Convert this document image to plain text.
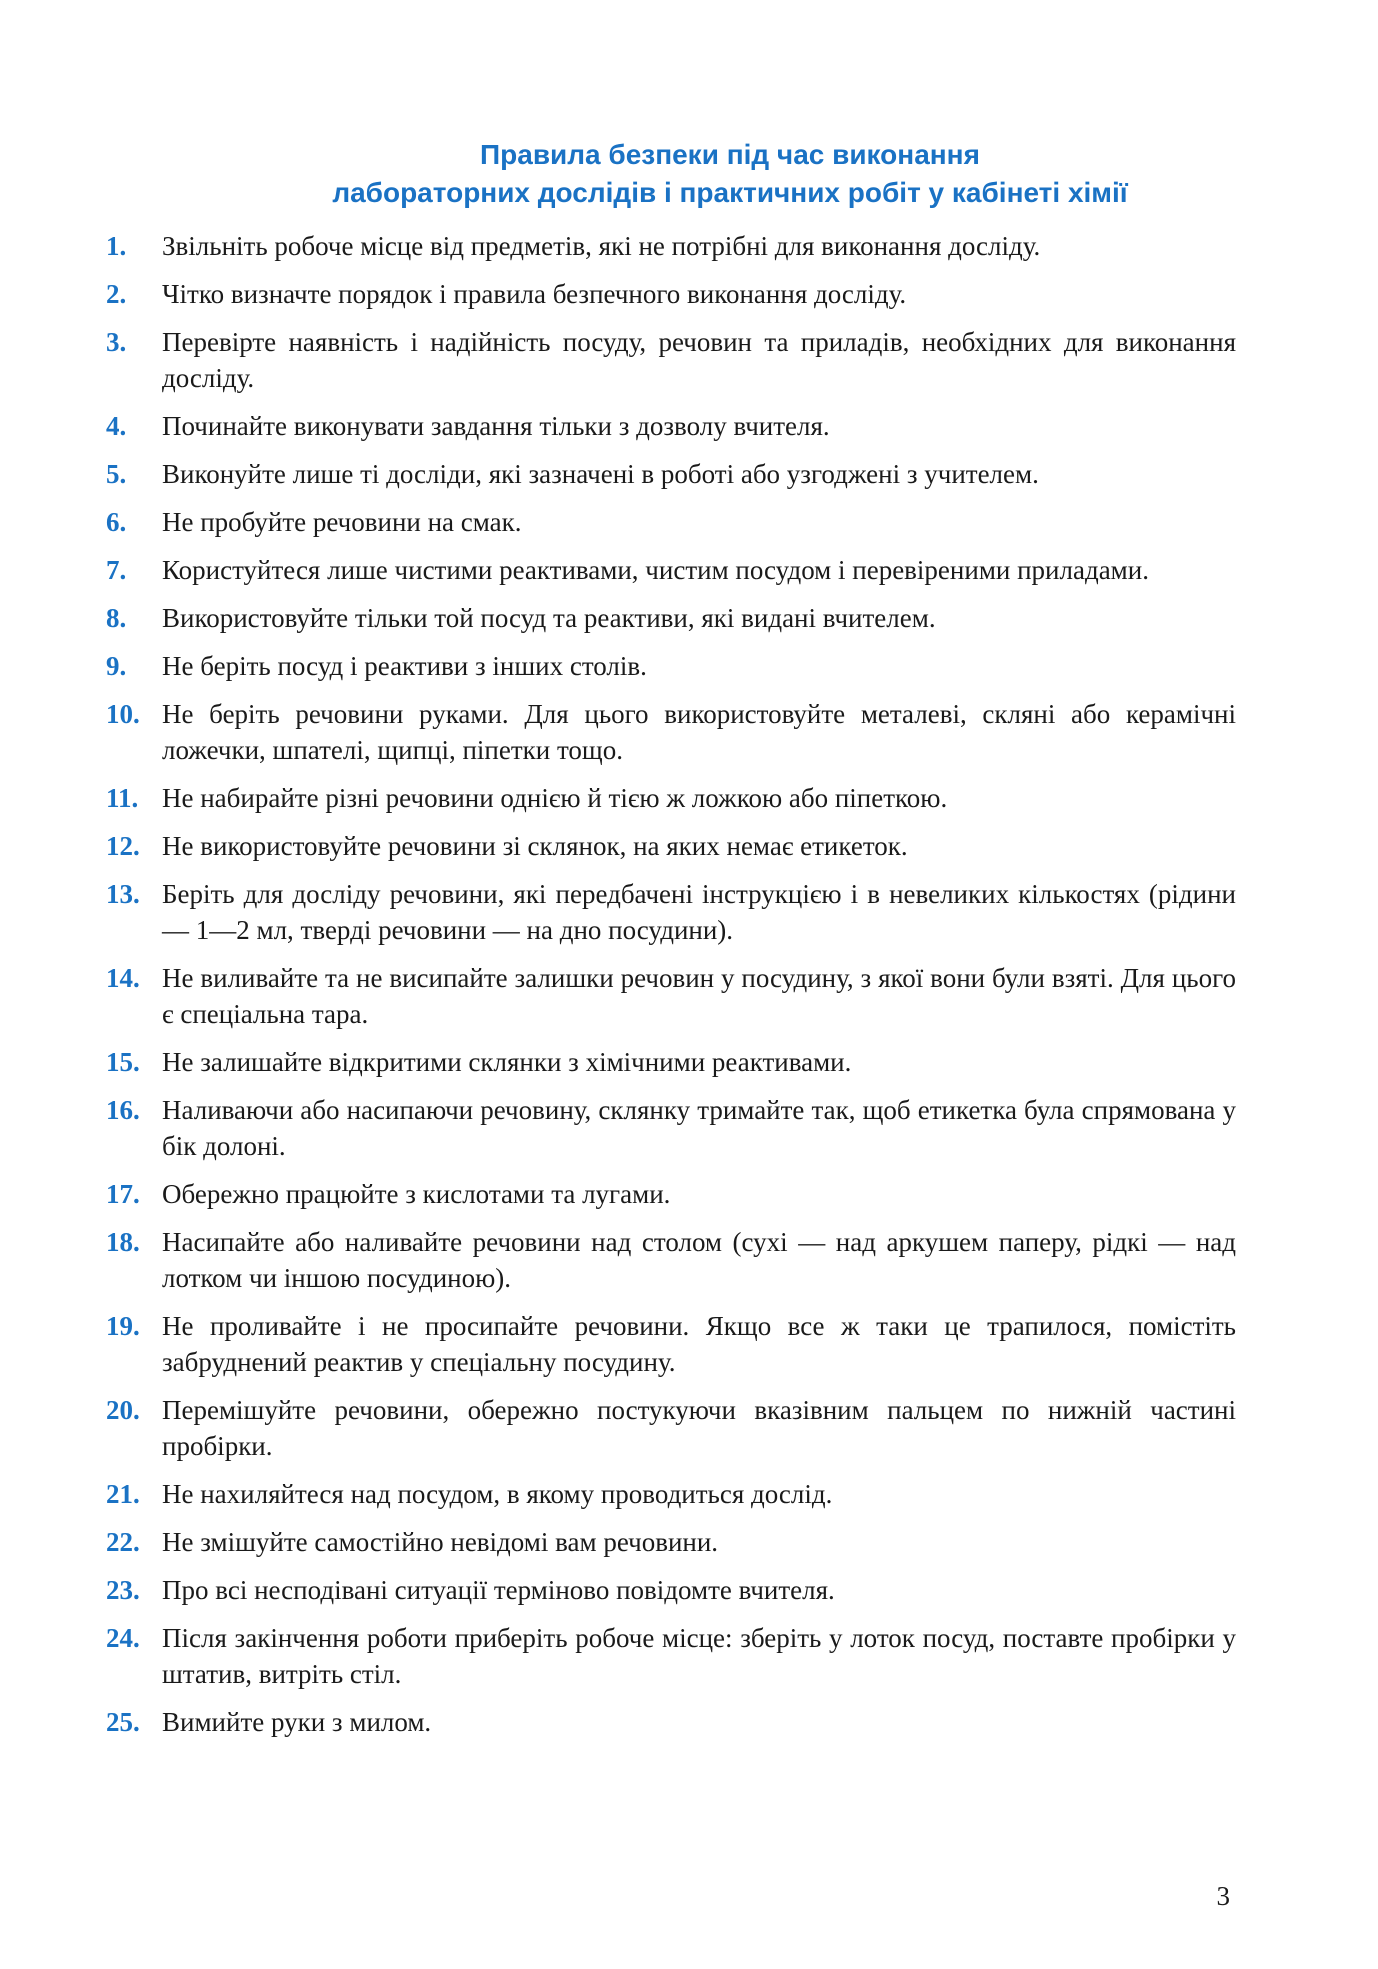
Правила безпеки під час виконання
лабораторних дослідів і практичних робіт у кабінеті хімії
1.	Звільніть робоче місце від предметів, які не потрібні для виконання досліду.
2.	Чітко визначте порядок і правила безпечного виконання досліду.
3.	Перевірте наявність і надійність посуду, речовин та приладів, необхідних для виконання досліду.
4.	Починайте виконувати завдання тільки з дозволу вчителя.
5.	Виконуйте лише ті досліди, які зазначені в роботі або узгоджені з учителем.
6.	Не пробуйте речовини на смак.
7.	Користуйтеся лише чистими реактивами, чистим посудом і перевіреними приладами.
8.	Використовуйте тільки той посуд та реактиви, які видані вчителем.
9.	Не беріть посуд і реактиви з інших столів.
10. Не беріть речовини руками. Для цього використовуйте металеві, скляні або керамічні ложечки, шпателі, щипці, піпетки тощо.
11. Не набирайте різні речовини однією й тією ж ложкою або піпеткою.
12. Не використовуйте речовини зі склянок, на яких немає етикеток.
13. Беріть для досліду речовини, які передбачені інструкцією і в невеликих кількостях (рідини — 1—2 мл, тверді речовини — на дно посудини).
14. Не виливайте та не висипайте залишки речовин у посудину, з якої вони були взяті. Для цього є спеціальна тара.
15. Не залишайте відкритими склянки з хімічними реактивами.
16. Наливаючи або насипаючи речовину, склянку тримайте так, щоб етикетка була спрямована у бік долоні.
17. Обережно працюйте з кислотами та лугами.
18. Насипайте або наливайте речовини над столом (сухі — над аркушем паперу, рідкі — над лотком чи іншою посудиною).
19. Не проливайте і не просипайте речовини. Якщо все ж таки це трапилося, помістіть забруднений реактив у спеціальну посудину.
20. Перемішуйте речовини, обережно постукуючи вказівним пальцем по нижній частині пробірки.
21. Не нахиляйтеся над посудом, в якому проводиться дослід.
22. Не змішуйте самостійно невідомі вам речовини.
23. Про всі несподівані ситуації терміново повідомте вчителя.
24. Після закінчення роботи приберіть робоче місце: зберіть у лоток посуд, поставте пробірки у штатив, витріть стіл.
25. Вимийте руки з милом.
3
